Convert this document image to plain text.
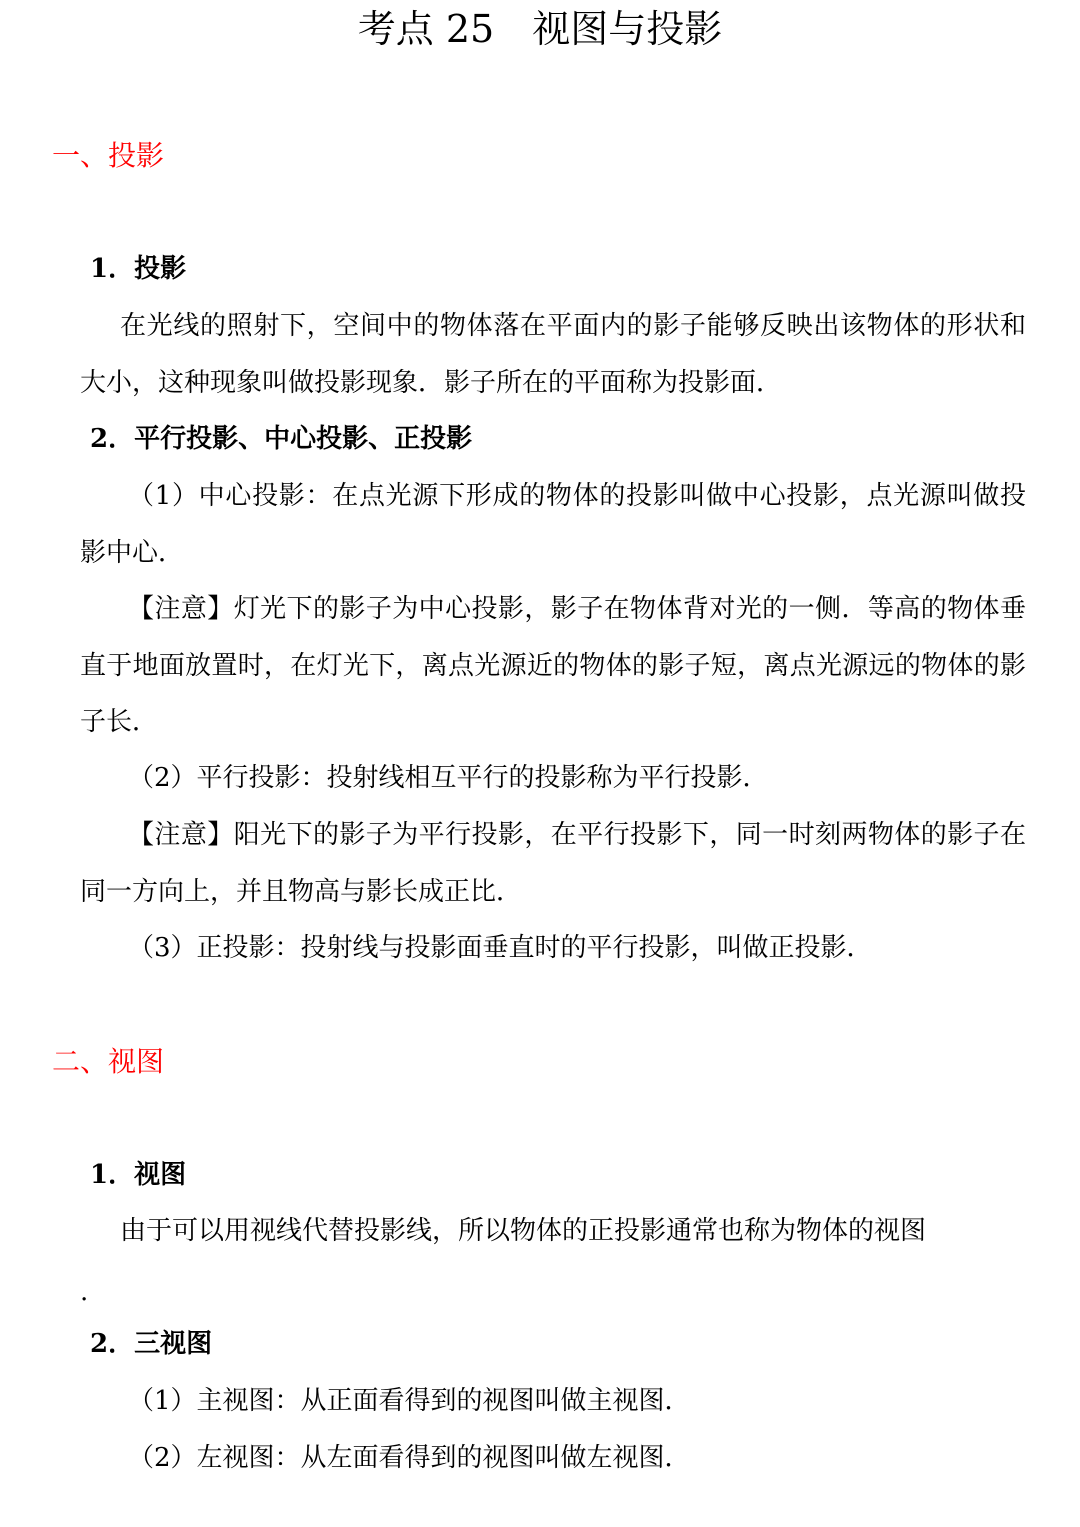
考点 25　视图与投影
一、投影
1．投影
在光线的照射下，空间中的物体落在平面内的影子能够反映出该物体的形状和大小，这种现象叫做投影现象．影子所在的平面称为投影面．
2．平行投影、中心投影、正投影
（1）中心投影：在点光源下形成的物体的投影叫做中心投影，点光源叫做投影中心．
【注意】灯光下的影子为中心投影，影子在物体背对光的一侧．等高的物体垂直于地面放置时，在灯光下，离点光源近的物体的影子短，离点光源远的物体的影子长．
（2）平行投影：投射线相互平行的投影称为平行投影．
【注意】阳光下的影子为平行投影，在平行投影下，同一时刻两物体的影子在同一方向上，并且物高与影长成正比．
（3）正投影：投射线与投影面垂直时的平行投影，叫做正投影．
二、视图
1．视图
由于可以用视线代替投影线，所以物体的正投影通常也称为物体的视图
.
2．三视图
（1）主视图：从正面看得到的视图叫做主视图．
（2）左视图：从左面看得到的视图叫做左视图．
